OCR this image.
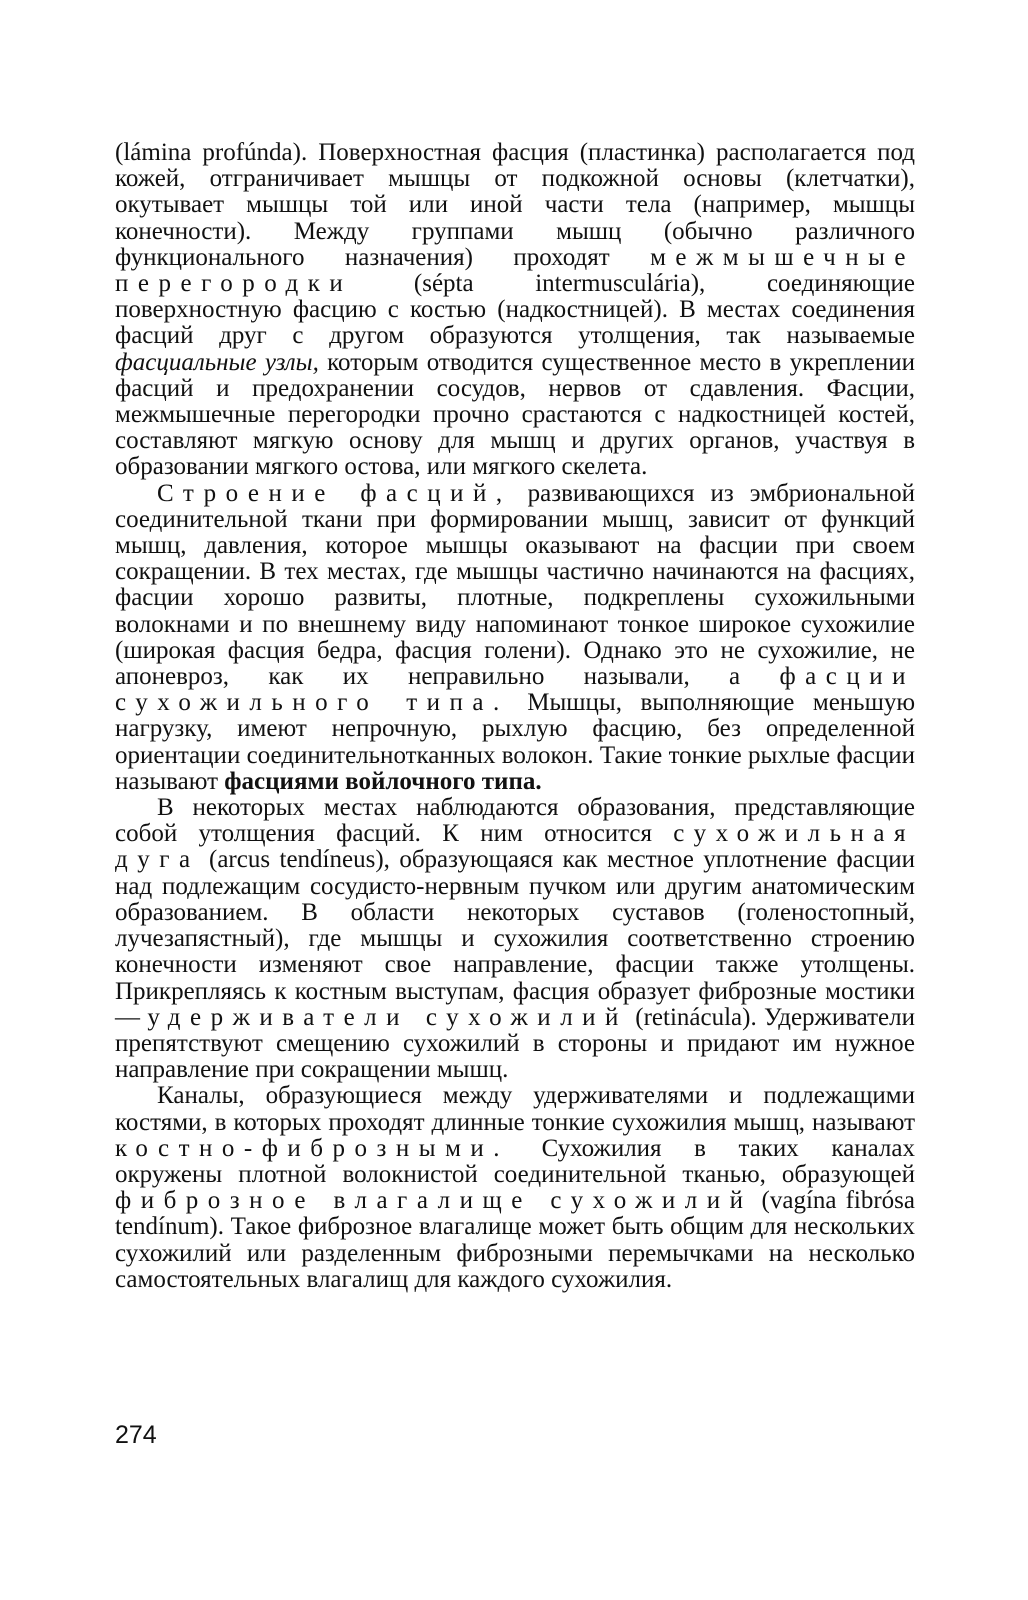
(lámina profúnda). Поверхностная фасция (пластинка) располагается под кожей, отграничивает мышцы от подкожной основы (клетчатки), окутывает мышцы той или иной части тела (например, мышцы конечности). Между группами мышц (обычно различного функционального назначения) проходят межмышечные перегородки (sépta intermusculária), соединяющие поверхностную фасцию с костью (надкостницей). В местах соединения фасций друг с другом образуются утолщения, так называемые фасциальные узлы, которым отводится существенное место в укреплении фасций и предохранении сосудов, нервов от сдавления. Фасции, межмышечные перегородки прочно срастаются с надкостницей костей, составляют мягкую основу для мышц и других органов, участвуя в образовании мягкого остова, или мягкого скелета.

Строение фасций, развивающихся из эмбриональной соединительной ткани при формировании мышц, зависит от функций мышц, давления, которое мышцы оказывают на фасции при своем сокращении. В тех местах, где мышцы частично начинаются на фасциях, фасции хорошо развиты, плотные, подкреплены сухожильными волокнами и по внешнему виду напоминают тонкое широкое сухожилие (широкая фасция бедра, фасция голени). Однако это не сухожилие, не апоневроз, как их неправильно называли, а фасции сухожильного типа. Мышцы, выполняющие меньшую нагрузку, имеют непрочную, рыхлую фасцию, без определенной ориентации соединительнотканных волокон. Такие тонкие рыхлые фасции называют фасциями войлочного типа.

В некоторых местах наблюдаются образования, представляющие собой утолщения фасций. К ним относится сухожильная дуга (arcus tendíneus), образующаяся как местное уплотнение фасции над подлежащим сосудисто-нервным пучком или другим анатомическим образованием. В области некоторых суставов (голеностопный, лучезапястный), где мышцы и сухожилия соответственно строению конечности изменяют свое направление, фасции также утолщены. Прикрепляясь к костным выступам, фасция образует фиброзные мостики — удерживатели сухожилий (retinácula). Удерживатели препятствуют смещению сухожилий в стороны и придают им нужное направление при сокращении мышц.

Каналы, образующиеся между удерживателями и подлежащими костями, в которых проходят длинные тонкие сухожилия мышц, называют костно-фиброзными. Сухожилия в таких каналах окружены плотной волокнистой соединительной тканью, образующей фиброзное влагалище сухожилий (vagína fibrósa tendínum). Такое фиброзное влагалище может быть общим для нескольких сухожилий или разделенным фиброзными перемычками на несколько самостоятельных влагалищ для каждого сухожилия.

274
